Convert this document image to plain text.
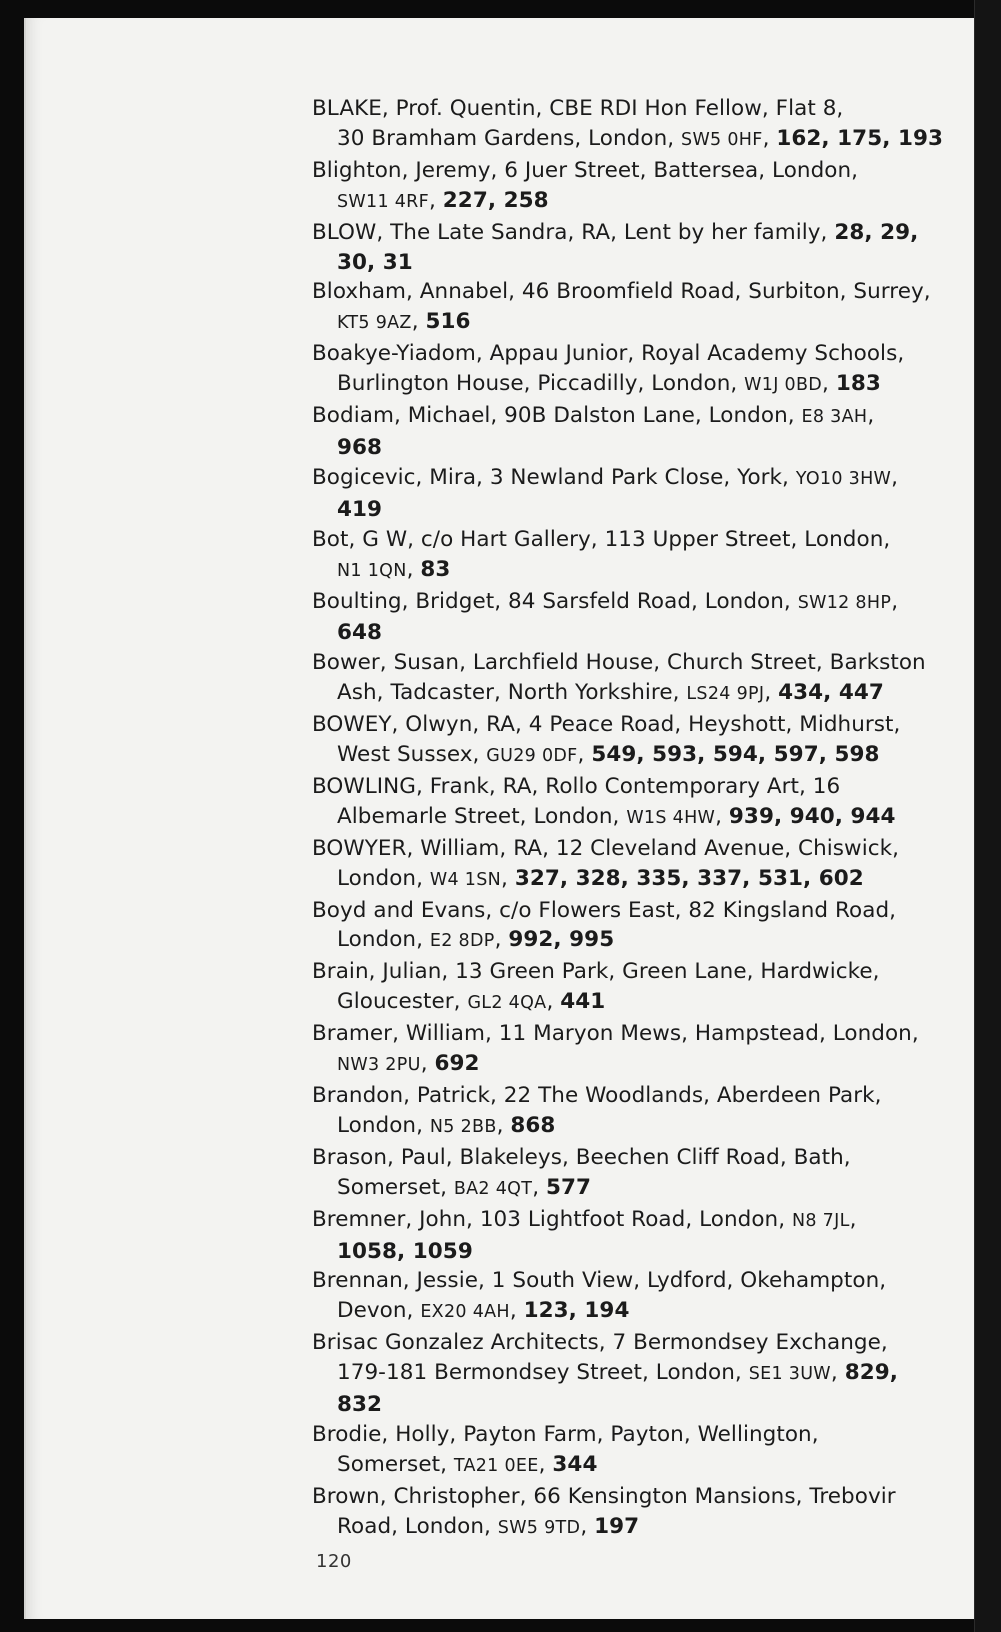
BLAKE, Prof. Quentin, CBE RDI Hon Fellow, Flat 8,
30 Bramham Gardens, London, SW5 0HF, 162, 175, 193
Blighton, Jeremy, 6 Juer Street, Battersea, London,
SW11 4RF, 227, 258
BLOW, The Late Sandra, RA, Lent by her family, 28, 29,
30, 31
Bloxham, Annabel, 46 Broomfield Road, Surbiton, Surrey,
KT5 9AZ, 516
Boakye-Yiadom, Appau Junior, Royal Academy Schools,
Burlington House, Piccadilly, London, W1J 0BD, 183
Bodiam, Michael, 90B Dalston Lane, London, E8 3AH,
968
Bogicevic, Mira, 3 Newland Park Close, York, YO10 3HW,
419
Bot, G W, c/o Hart Gallery, 113 Upper Street, London,
N1 1QN, 83
Boulting, Bridget, 84 Sarsfeld Road, London, SW12 8HP,
648
Bower, Susan, Larchfield House, Church Street, Barkston
Ash, Tadcaster, North Yorkshire, LS24 9PJ, 434, 447
BOWEY, Olwyn, RA, 4 Peace Road, Heyshott, Midhurst,
West Sussex, GU29 0DF, 549, 593, 594, 597, 598
BOWLING, Frank, RA, Rollo Contemporary Art, 16
Albemarle Street, London, W1S 4HW, 939, 940, 944
BOWYER, William, RA, 12 Cleveland Avenue, Chiswick,
London, W4 1SN, 327, 328, 335, 337, 531, 602
Boyd and Evans, c/o Flowers East, 82 Kingsland Road,
London, E2 8DP, 992, 995
Brain, Julian, 13 Green Park, Green Lane, Hardwicke,
Gloucester, GL2 4QA, 441
Bramer, William, 11 Maryon Mews, Hampstead, London,
NW3 2PU, 692
Brandon, Patrick, 22 The Woodlands, Aberdeen Park,
London, N5 2BB, 868
Brason, Paul, Blakeleys, Beechen Cliff Road, Bath,
Somerset, BA2 4QT, 577
Bremner, John, 103 Lightfoot Road, London, N8 7JL,
1058, 1059
Brennan, Jessie, 1 South View, Lydford, Okehampton,
Devon, EX20 4AH, 123, 194
Brisac Gonzalez Architects, 7 Bermondsey Exchange,
179-181 Bermondsey Street, London, SE1 3UW, 829,
832
Brodie, Holly, Payton Farm, Payton, Wellington,
Somerset, TA21 0EE, 344
Brown, Christopher, 66 Kensington Mansions, Trebovir
Road, London, SW5 9TD, 197
120
